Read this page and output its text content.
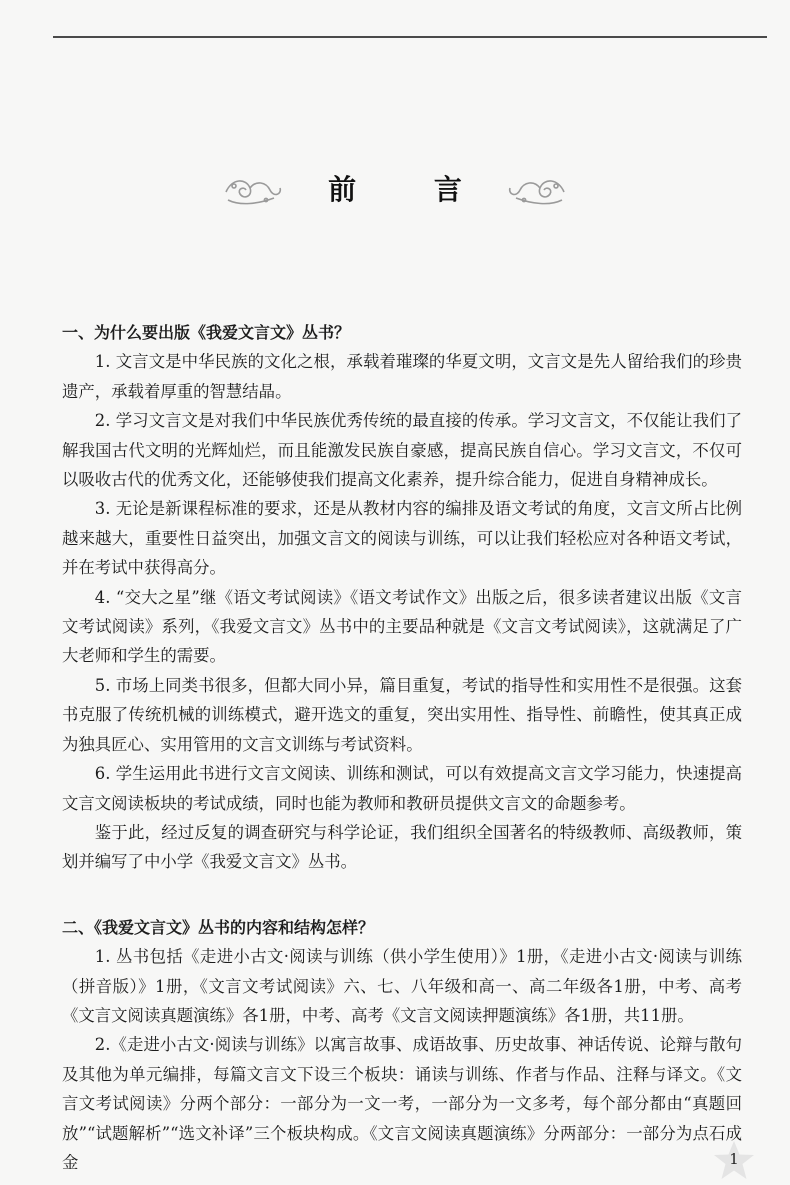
前 言
一、为什么要出版《我爱文言文》丛书？

1. 文言文是中华民族的文化之根，承载着璀璨的华夏文明，文言文是先人留给我们的珍贵遗产，承载着厚重的智慧结晶。

2. 学习文言文是对我们中华民族优秀传统的最直接的传承。学习文言文，不仅能让我们了解我国古代文明的光辉灿烂，而且能激发民族自豪感，提高民族自信心。学习文言文，不仅可以吸收古代的优秀文化，还能够使我们提高文化素养，提升综合能力，促进自身精神成长。

3. 无论是新课程标准的要求，还是从教材内容的编排及语文考试的角度，文言文所占比例越来越大，重要性日益突出，加强文言文的阅读与训练，可以让我们轻松应对各种语文考试，并在考试中获得高分。

4. “交大之星”继《语文考试阅读》《语文考试作文》出版之后，很多读者建议出版《文言文考试阅读》系列，《我爱文言文》丛书中的主要品种就是《文言文考试阅读》，这就满足了广大老师和学生的需要。

5. 市场上同类书很多，但都大同小异，篇目重复，考试的指导性和实用性不是很强。这套书克服了传统机械的训练模式，避开选文的重复，突出实用性、指导性、前瞻性，使其真正成为独具匠心、实用管用的文言文训练与考试资料。

6. 学生运用此书进行文言文阅读、训练和测试，可以有效提高文言文学习能力，快速提高文言文阅读板块的考试成绩，同时也能为教师和教研员提供文言文的命题参考。

鉴于此，经过反复的调查研究与科学论证，我们组织全国著名的特级教师、高级教师，策划并编写了中小学《我爱文言文》丛书。

二、《我爱文言文》丛书的内容和结构怎样？

1. 丛书包括《走进小古文·阅读与训练（供小学生使用）》1册，《走进小古文·阅读与训练（拼音版）》1册，《文言文考试阅读》六、七、八年级和高一、高二年级各1册，中考、高考《文言文阅读真题演练》各1册，中考、高考《文言文阅读押题演练》各1册，共11册。

2.《走进小古文·阅读与训练》以寓言故事、成语故事、历史故事、神话传说、论辩与散句及其他为单元编排，每篇文言文下设三个板块：诵读与训练、作者与作品、注释与译文。《文言文考试阅读》分两个部分：一部分为一文一考，一部分为一文多考，每个部分都由“真题回放”“试题解析”“选文补译”三个板块构成。《文言文阅读真题演练》分两部分：一部分为点石成金	1
